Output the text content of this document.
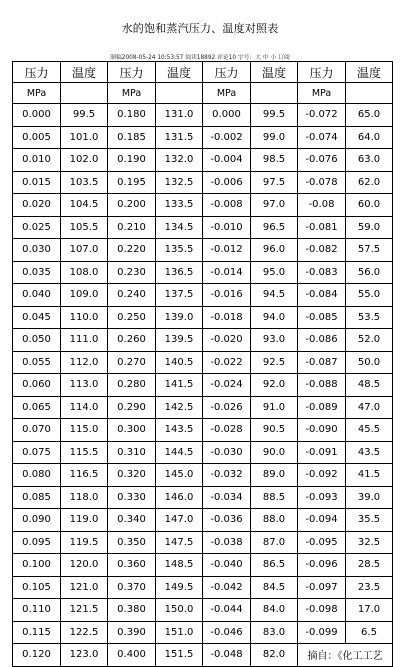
水的饱和蒸汽压力、温度对照表
制稿2008-05-24 10:53:57 阅读18892 评论10 字号：大 中 小 订阅
压力	温度	压力	温度	压力	温度	压力	温度
MPa		MPa		MPa		MPa	
0.000	99.5	0.180	131.0	0.000	99.5	-0.072	65.0
0.005	101.0	0.185	131.5	-0.002	99.0	-0.074	64.0
0.010	102.0	0.190	132.0	-0.004	98.5	-0.076	63.0
0.015	103.5	0.195	132.5	-0.006	97.5	-0.078	62.0
0.020	104.5	0.200	133.5	-0.008	97.0	-0.08	60.0
0.025	105.5	0.210	134.5	-0.010	96.5	-0.081	59.0
0.030	107.0	0.220	135.5	-0.012	96.0	-0.082	57.5
0.035	108.0	0.230	136.5	-0.014	95.0	-0.083	56.0
0.040	109.0	0.240	137.5	-0.016	94.5	-0.084	55.0
0.045	110.0	0.250	139.0	-0.018	94.0	-0.085	53.5
0.050	111.0	0.260	139.5	-0.020	93.0	-0.086	52.0
0.055	112.0	0.270	140.5	-0.022	92.5	-0.087	50.0
0.060	113.0	0.280	141.5	-0.024	92.0	-0.088	48.5
0.065	114.0	0.290	142.5	-0.026	91.0	-0.089	47.0
0.070	115.0	0.300	143.5	-0.028	90.5	-0.090	45.5
0.075	115.5	0.310	144.5	-0.030	90.0	-0.091	43.5
0.080	116.5	0.320	145.0	-0.032	89.0	-0.092	41.5
0.085	118.0	0.330	146.0	-0.034	88.5	-0.093	39.0
0.090	119.0	0.340	147.0	-0.036	88.0	-0.094	35.5
0.095	119.5	0.350	147.5	-0.038	87.0	-0.095	32.5
0.100	120.0	0.360	148.5	-0.040	86.5	-0.096	28.5
0.105	121.0	0.370	149.5	-0.042	84.5	-0.097	23.5
0.110	121.5	0.380	150.0	-0.044	84.0	-0.098	17.0
0.115	122.5	0.390	151.0	-0.046	83.0	-0.099	6.5
0.120	123.0	0.400	151.5	-0.048	82.0	摘自：《化工工艺	
